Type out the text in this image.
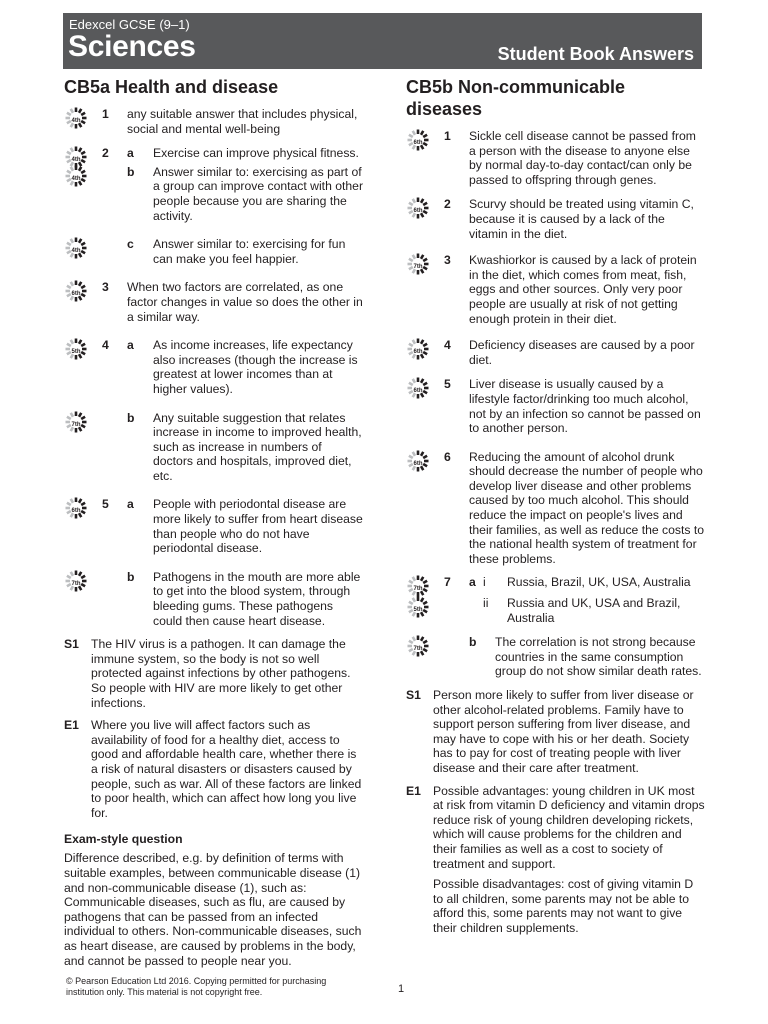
Edexcel GCSE (9–1)
Sciences	Student Book Answers
CB5a Health and disease
4th	1 any suitable answer that includes physical, social and mental well-being
4th	2 a Exercise can improve physical fitness.
4th	b Answer similar to: exercising as part of a group can improve contact with other people because you are sharing the activity.
4th	c Answer similar to: exercising for fun can make you feel happier.
6th	3 When two factors are correlated, as one factor changes in value so does the other in a similar way.
5th	4 a As income increases, life expectancy also increases (though the increase is greatest at lower incomes than at higher values).
7th	b Any suitable suggestion that relates increase in income to improved health, such as increase in numbers of doctors and hospitals, improved diet, etc.
6th	5 a People with periodontal disease are more likely to suffer from heart disease than people who do not have periodontal disease.
7th	b Pathogens in the mouth are more able to get into the blood system, through bleeding gums. These pathogens could then cause heart disease.
S1 The HIV virus is a pathogen. It can damage the immune system, so the body is not so well protected against infections by other pathogens. So people with HIV are more likely to get other infections.
E1 Where you live will affect factors such as availability of food for a healthy diet, access to good and affordable health care, whether there is a risk of natural disasters or disasters caused by people, such as war. All of these factors are linked to poor health, which can affect how long you live for.
Exam-style question
Difference described, e.g. by definition of terms with suitable examples, between communicable disease (1) and non-communicable disease (1), such as: Communicable diseases, such as flu, are caused by pathogens that can be passed from an infected individual to others. Non-communicable diseases, such as heart disease, are caused by problems in the body, and cannot be passed to people near you.
CB5b Non-communicable diseases
6th	1 Sickle cell disease cannot be passed from a person with the disease to anyone else by normal day-to-day contact/can only be passed to offspring through genes.
6th	2 Scurvy should be treated using vitamin C, because it is caused by a lack of the vitamin in the diet.
7th	3 Kwashiorkor is caused by a lack of protein in the diet, which comes from meat, fish, eggs and other sources. Only very poor people are usually at risk of not getting enough protein in their diet.
6th	4 Deficiency diseases are caused by a poor diet.
6th	5 Liver disease is usually caused by a lifestyle factor/drinking too much alcohol, not by an infection so cannot be passed on to another person.
6th	6 Reducing the amount of alcohol drunk should decrease the number of people who develop liver disease and other problems caused by too much alcohol. This should reduce the impact on people's lives and their families, as well as reduce the costs to the national health system of treatment for these problems.
7th	7 a i Russia, Brazil, UK, USA, Australia
5th	ii Russia and UK, USA and Brazil, Australia
7th	b The correlation is not strong because countries in the same consumption group do not show similar death rates.
S1 Person more likely to suffer from liver disease or other alcohol-related problems. Family have to support person suffering from liver disease, and may have to cope with his or her death. Society has to pay for cost of treating people with liver disease and their care after treatment.
E1 Possible advantages: young children in UK most at risk from vitamin D deficiency and vitamin drops reduce risk of young children developing rickets, which will cause problems for the children and their families as well as a cost to society of treatment and support.

Possible disadvantages: cost of giving vitamin D to all children, some parents may not be able to afford this, some parents may not want to give their children supplements.

© Pearson Education Ltd 2016. Copying permitted for purchasing institution only. This material is not copyright free.	1
